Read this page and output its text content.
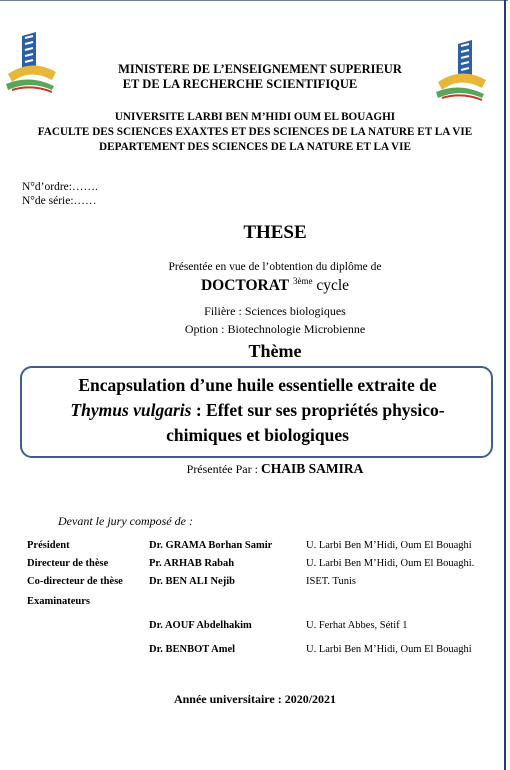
MINISTERE DE L’ENSEIGNEMENT SUPERIEUR
ET DE LA RECHERCHE SCIENTIFIQUE
UNIVERSITE LARBI BEN M’HIDI OUM EL BOUAGHI
FACULTE DES SCIENCES EXAXTES ET DES SCIENCES DE LA NATURE ET LA VIE
DEPARTEMENT DES SCIENCES DE LA NATURE ET LA VIE
N°d’ordre:…….
N°de série:……
THESE
Présentée en vue de l’obtention du diplôme de
DOCTORAT $^{3ème}$ cycle
Filière : Sciences biologiques
Option : Biotechnologie Microbienne
Thème
Encapsulation d’une huile essentielle extraite de
Thymus vulgaris : Effet sur ses propriétés physico-
chimiques et biologiques
Présentée Par : CHAIB SAMIRA
Devant le jury composé de :
Président	Dr. GRAMA Borhan Samir	U. Larbi Ben M’Hidi, Oum El Bouaghi
Directeur de thèse	Pr. ARHAB Rabah	U. Larbi Ben M’Hidi, Oum El Bouaghi.
Co-directeur de thèse Dr. BEN ALI Nejib	ISET. Tunis
Examinateurs
Dr. AOUF Abdelhakim	U. Ferhat Abbes, Sétif 1
Dr. BENBOT Amel	U. Larbi Ben M’Hidi, Oum El Bouaghi
Année universitaire : 2020/2021
